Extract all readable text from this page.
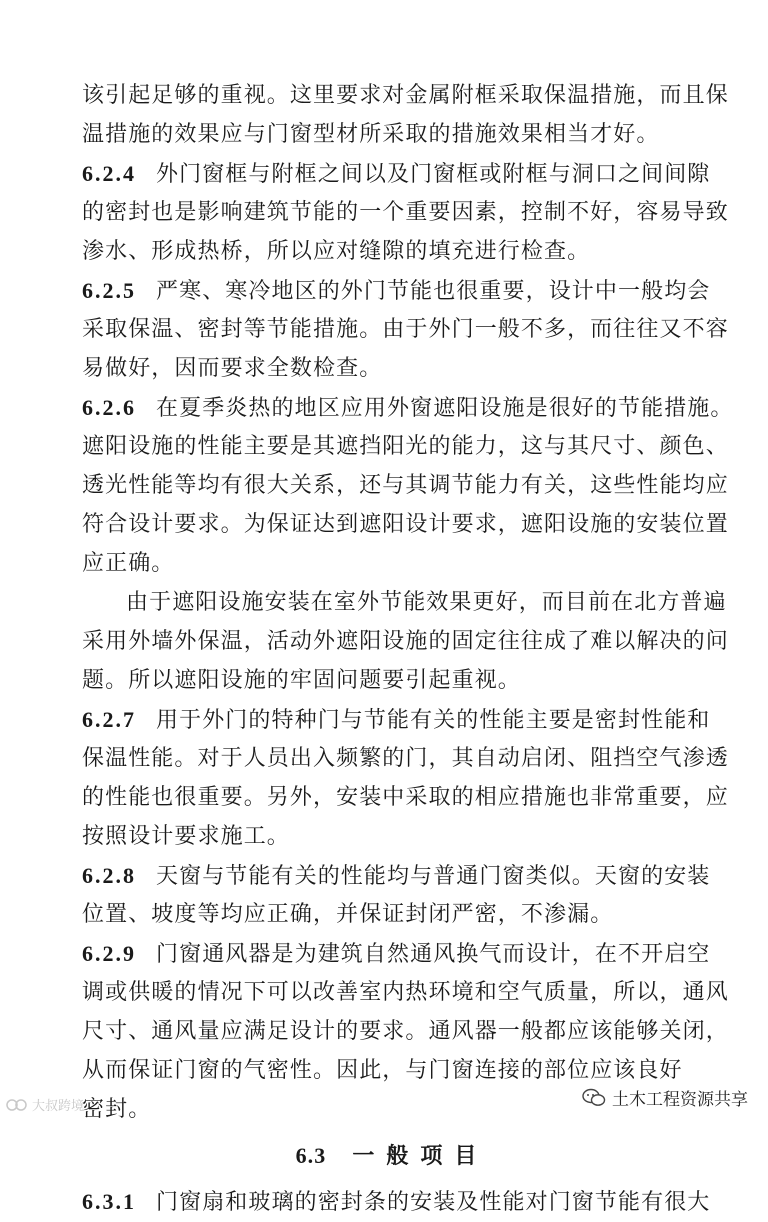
该引起足够的重视。这里要求对金属附框采取保温措施，而且保
温措施的效果应与门窗型材所采取的措施效果相当才好。
6.2.4 外门窗框与附框之间以及门窗框或附框与洞口之间间隙
的密封也是影响建筑节能的一个重要因素，控制不好，容易导致
渗水、形成热桥，所以应对缝隙的填充进行检查。
6.2.5 严寒、寒冷地区的外门节能也很重要，设计中一般均会
采取保温、密封等节能措施。由于外门一般不多，而往往又不容
易做好，因而要求全数检查。
6.2.6 在夏季炎热的地区应用外窗遮阳设施是很好的节能措施。
遮阳设施的性能主要是其遮挡阳光的能力，这与其尺寸、颜色、
透光性能等均有很大关系，还与其调节能力有关，这些性能均应
符合设计要求。为保证达到遮阳设计要求，遮阳设施的安装位置
应正确。
由于遮阳设施安装在室外节能效果更好，而目前在北方普遍
采用外墙外保温，活动外遮阳设施的固定往往成了难以解决的问
题。所以遮阳设施的牢固问题要引起重视。
6.2.7 用于外门的特种门与节能有关的性能主要是密封性能和
保温性能。对于人员出入频繁的门，其自动启闭、阻挡空气渗透
的性能也很重要。另外，安装中采取的相应措施也非常重要，应
按照设计要求施工。
6.2.8 天窗与节能有关的性能均与普通门窗类似。天窗的安装
位置、坡度等均应正确，并保证封闭严密，不渗漏。
6.2.9 门窗通风器是为建筑自然通风换气而设计，在不开启空
调或供暖的情况下可以改善室内热环境和空气质量，所以，通风
尺寸、通风量应满足设计的要求。通风器一般都应该能够关闭，
从而保证门窗的气密性。因此，与门窗连接的部位应该良好
密封。
6.3 一般项目
6.3.1 门窗扇和玻璃的密封条的安装及性能对门窗节能有很大
大叔跨境	土木工程资源共享
